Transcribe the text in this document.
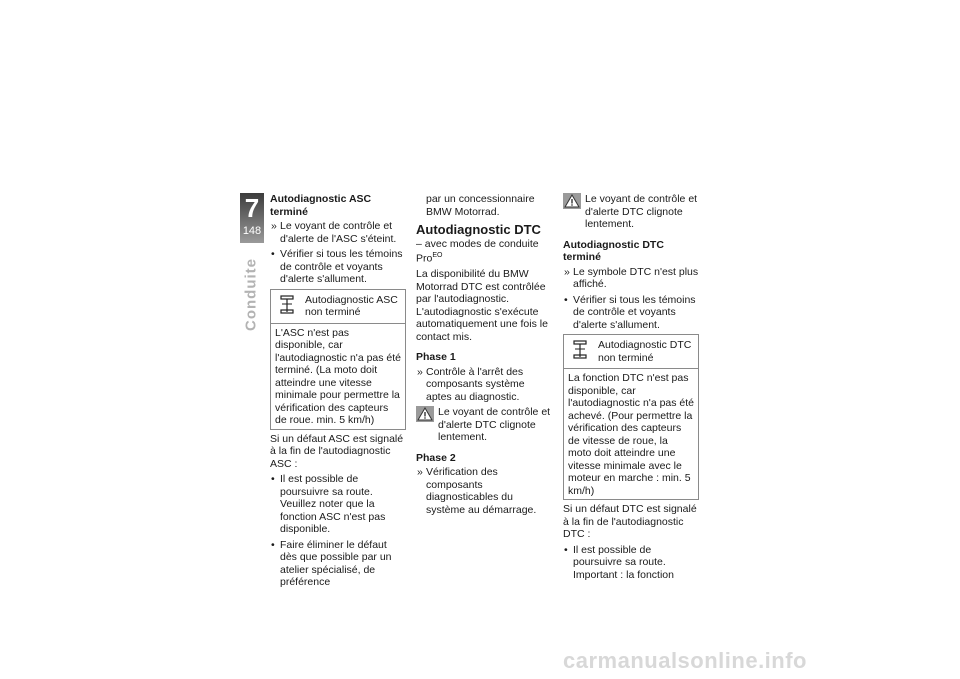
7
148
Conduite
Autodiagnostic ASC terminé
» Le voyant de contrôle et d'alerte de l'ASC s'éteint.
• Vérifier si tous les témoins de contrôle et voyants d'alerte s'allument.
Autodiagnostic ASC non terminé
L'ASC n'est pas disponible, car l'autodiagnostic n'a pas été terminé. (La moto doit atteindre une vitesse minimale pour permettre la vérification des capteurs de roue. min. 5 km/h)
Si un défaut ASC est signalé à la fin de l'autodiagnostic ASC :
• Il est possible de poursuivre sa route. Veuillez noter que la fonction ASC n'est pas disponible.
• Faire éliminer le défaut dès que possible par un atelier spécialisé, de préférence
par un concessionnaire BMW Motorrad.
Autodiagnostic DTC
– avec modes de conduite Pro$^{EO}$
La disponibilité du BMW Motorrad DTC est contrôlée par l'autodiagnostic. L'autodiagnostic s'exécute automatiquement une fois le contact mis.
Phase 1
» Contrôle à l'arrêt des composants système aptes au diagnostic.
Le voyant de contrôle et d'alerte DTC clignote lentement.
Phase 2
» Vérification des composants diagnosticables du système au démarrage.
Le voyant de contrôle et d'alerte DTC clignote lentement.
Autodiagnostic DTC terminé
» Le symbole DTC n'est plus affiché.
• Vérifier si tous les témoins de contrôle et voyants d'alerte s'allument.
Autodiagnostic DTC non terminé
La fonction DTC n'est pas disponible, car l'autodiagnostic n'a pas été achevé. (Pour permettre la vérification des capteurs de vitesse de roue, la moto doit atteindre une vitesse minimale avec le moteur en marche : min. 5 km/h)
Si un défaut DTC est signalé à la fin de l'autodiagnostic DTC :
• Il est possible de poursuivre sa route. Important : la fonction
carmanualsonline.info
